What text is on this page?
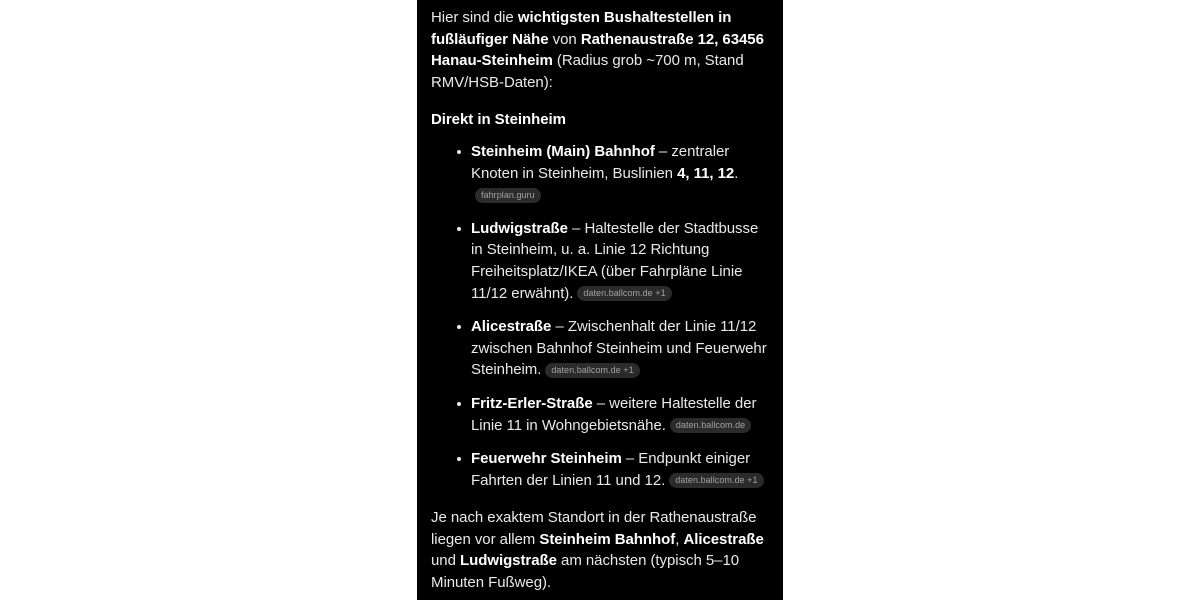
Hier sind die wichtigsten Bushaltestellen in fußläufiger Nähe von Rathenaustraße 12, 63456 Hanau-Steinheim (Radius grob ~700 m, Stand RMV/HSB-Daten):

Direkt in Steinheim
Steinheim (Main) Bahnhof – zentraler Knoten in Steinheim, Buslinien 4, 11, 12.fahrplan.guru
Ludwigstraße – Haltestelle der Stadtbusse in Steinheim, u. a. Linie 12 Richtung Freiheitsplatz/IKEA (über Fahrpläne Linie 11/12 erwähnt). daten.ballcom.de +1
Alicestraße – Zwischenhalt der Linie 11/12 zwischen Bahnhof Steinheim und Feuerwehr Steinheim. daten.ballcom.de +1
Fritz-Erler-Straße – weitere Haltestelle der Linie 11 in Wohngebietsnähe. daten.ballcom.de
Feuerwehr Steinheim – Endpunkt einiger Fahrten der Linien 11 und 12. daten.ballcom.de +1

Je nach exaktem Standort in der Rathenaustraße liegen vor allem Steinheim Bahnhof, Alicestraße und Ludwigstraße am nächsten (typisch 5–10 Minuten Fußweg).
